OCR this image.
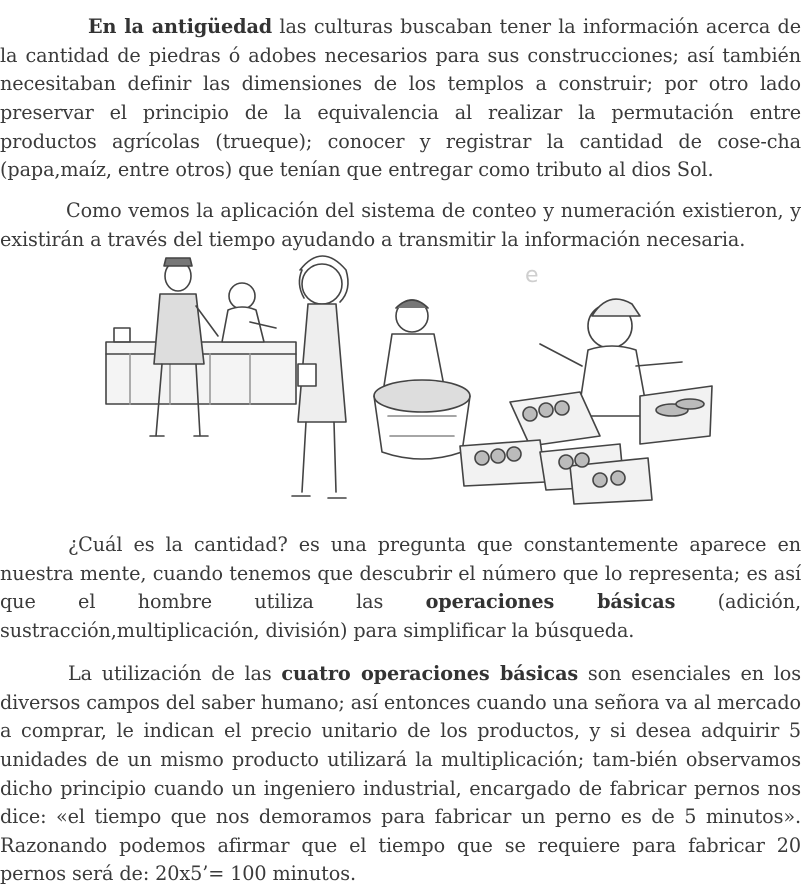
En la antigüedad las culturas buscaban tener la información acerca de la cantidad de piedras ó adobes necesarios para sus construcciones; así también necesitaban definir las dimensiones de los templos a construir; por otro lado preservar el principio de la equivalencia al realizar la permutación entre productos agrícolas (trueque); conocer y registrar la cantidad de cose-cha (papa,maíz, entre otros) que tenían que entregar como tributo al dios Sol.

Como vemos la aplicación del sistema de conteo y numeración existieron, y existirán a través del tiempo ayudando a transmitir la información necesaria.

e

¿Cuál es la cantidad? es una pregunta que constantemente aparece en nuestra mente, cuando tenemos que descubrir el número que lo representa; es así que el hombre utiliza las operaciones básicas (adición, sustracción,multiplicación, división) para simplificar la búsqueda.

La utilización de las cuatro operaciones básicas son esenciales en los diversos campos del saber humano; así entonces cuando una señora va al mercado a comprar, le indican el precio unitario de los productos, y si desea adquirir 5 unidades de un mismo producto utilizará la multiplicación; tam-bién observamos dicho principio cuando un ingeniero industrial, encargado de fabricar pernos nos dice: «el tiempo que nos demoramos para fabricar un perno es de 5 minutos». Razonando podemos afirmar que el tiempo que se requiere para fabricar 20 pernos será de: 20x5’= 100 minutos.
